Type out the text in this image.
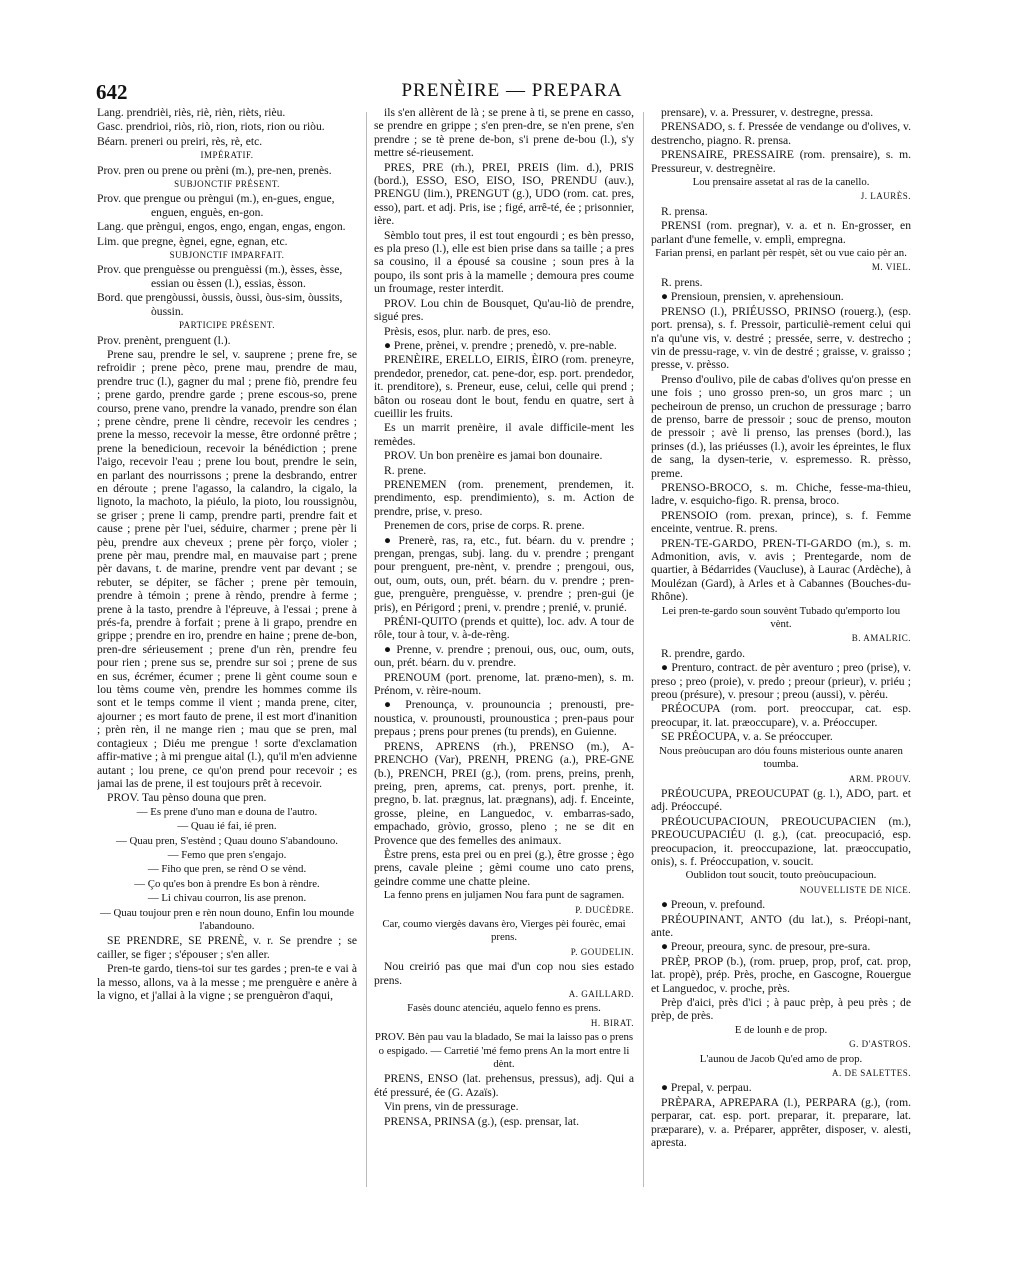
642	PRENÈIRE — PREPARA

Lang. prendrièi, riès, riè, rièn, rièts, rièu.

Gasc. prendrioi, riòs, riò, rion, riots, rion ou riòu.

Béarn. preneri ou preiri, rès, rè, etc.

IMPÉRATIF.

Prov. pren ou prene ou prèni (m.), pre-nen, prenès.

SUBJONCTIF PRÉSENT.

Prov. que prengue ou prèngui (m.), en-gues, engue, enguen, enguès, en-gon.

Lang. que prèngui, engos, engo, engan, engas, engon.

Lim. que pregne, ègnei, egne, egnan, etc.

SUBJONCTIF IMPARFAIT.

Prov. que prenguèsse ou prenguèssi (m.), èsses, èsse, essian ou èssen (l.), essias, èsson.

Bord. que prengòussi, òussis, òussi, òus-sim, òussits, òussin.

PARTICIPE PRÉSENT.

Prov. prenènt, prenguent (l.).

Prene sau, prendre le sel, v. sauprene ; prene fre, se refroidir ; prene pèco, prene mau, prendre de mau, prendre truc (l.), gagner du mal ; prene fiò, prendre feu ; prene gardo, prendre garde ; prene escous-so, prene courso, prene vano, prendre la vanado, prendre son élan ; prene cèndre, prene li cèndre, recevoir les cendres ; prene la messo, recevoir la messe, être ordonné prêtre ; prene la benedicioun, recevoir la bénédiction ; prene l'aigo, recevoir l'eau ; prene lou bout, prendre le sein, en parlant des nourrissons ; prene la desbrando, entrer en déroute ; prene l'agasso, la calandro, la cigalo, la lignoto, la machoto, la piéulo, la pioto, lou roussignòu, se griser ; prene li camp, prendre parti, prendre fait et cause ; prene pèr l'uei, séduire, charmer ; prene pèr li pèu, prendre aux cheveux ; prene pèr forço, violer ; prene pèr mau, prendre mal, en mauvaise part ; prene pèr davans, t. de marine, prendre vent par devant ; se rebuter, se dépiter, se fâcher ; prene pèr temouin, prendre à témoin ; prene à rèndo, prendre à ferme ; prene à la tasto, prendre à l'épreuve, à l'essai ; prene à prés-fa, prendre à forfait ; prene à li grapo, prendre en grippe ; prendre en iro, prendre en haine ; prene de-bon, pren-dre sérieusement ; prene d'un rèn, prendre feu pour rien ; prene sus se, prendre sur soi ; prene de sus en sus, écrémer, écumer ; prene li gènt coume soun e lou tèms coume vèn, prendre les hommes comme ils sont et le temps comme il vient ; manda prene, citer, ajourner ; es mort fauto de prene, il est mort d'inanition ; prèn rèn, il ne mange rien ; mau que se pren, mal contagieux ; Diéu me prengue ! sorte d'exclamation affir-mative ; à mi prengue aital (l.), qu'il m'en advienne autant ; lou prene, ce qu'on prend pour recevoir ; es jamai las de prene, il est toujours prêt à recevoir.

PROV. Tau pènso douna que pren.

— Es prene d'uno man e douna de l'autro.

— Quau ié fai, ié pren.

— Quau pren, S'estènd ; Quau douno S'abandouno.

— Femo que pren s'engajo.

— Fiho que pren, se rènd O se vènd.

— Ço qu'es bon à prendre Es bon à rèndre.

— Li chivau courron, lis ase prenon.

— Quau toujour pren e rèn noun douno, Enfin lou mounde l'abandouno.

SE PRENDRE, SE PRENÈ, v. r. Se prendre ; se cailler, se figer ; s'épouser ; s'en aller.

Pren-te gardo, tiens-toi sur tes gardes ; pren-te e vai à la messo, allons, va à la messe ; me prenguère e anère à la vigno, et j'allai à la vigne ; se prenguèron d'aqui,

ils s'en allèrent de là ; se prene à ti, se prene en casso, se prendre en grippe ; s'en pren-dre, se n'en prene, s'en prendre ; se tè prene de-bon, s'i prene de-bou (l.), s'y mettre sé-rieusement.

PRES, PRE (rh.), PREI, PREIS (lim. d.), PRIS (bord.), ESSO, ESO, EISO, ISO, PRENDU (auv.), PRENGU (lim.), PRENGUT (g.), UDO (rom. cat. pres, esso), part. et adj. Pris, ise ; figé, arrê-té, ée ; prisonnier, ière.

Sèmblo tout pres, il est tout engourdi ; es bèn presso, es pla preso (l.), elle est bien prise dans sa taille ; a pres sa cousino, il a épousé sa cousine ; soun pres à la poupo, ils sont pris à la mamelle ; demoura pres coume un froumage, rester interdit.

PROV. Lou chin de Bousquet, Qu'au-liò de prendre, sigué pres.

Prèsis, esos, plur. narb. de pres, eso.

● Prene, prènei, v. prendre ; prenedò, v. pre-nable.

PRENÈIRE, ERELLO, EIRIS, ÈIRO (rom. preneyre, prendedor, prenedor, cat. pene-dor, esp. port. prendedor, it. prenditore), s. Preneur, euse, celui, celle qui prend ; bâton ou roseau dont le bout, fendu en quatre, sert à cueillir les fruits.

Es un marrit prenèire, il avale difficile-ment les remèdes.

PROV. Un bon prenèire es jamai bon dounaire.

R. prene.

PRENEMEN (rom. prenement, prendemen, it. prendimento, esp. prendimiento), s. m. Action de prendre, prise, v. preso.

Prenemen de cors, prise de corps. R. prene.

● Prenerè, ras, ra, etc., fut. béarn. du v. prendre ; prengan, prengas, subj. lang. du v. prendre ; prengant pour prenguent, pre-nènt, v. prendre ; prengoui, ous, out, oum, outs, oun, prét. béarn. du v. prendre ; pren-gue, prenguère, prenguèsse, v. prendre ; pren-gui (je pris), en Périgord ; preni, v. prendre ; prenié, v. prunié.

PRÉNI-QUITO (prends et quitte), loc. adv. A tour de rôle, tour à tour, v. à-de-rèng.

● Prenne, v. prendre ; prenoui, ous, ouc, oum, outs, oun, prét. béarn. du v. prendre.

PRENOUM (port. prenome, lat. præno-men), s. m. Prénom, v. rèire-noum.

● Prenounça, v. prounouncia ; prenousti, pre-noustica, v. prounousti, prounoustica ; pren-paus pour prepaus ; prens pour prenes (tu prends), en Guienne.

PRENS, APRENS (rh.), PRENSO (m.), A-PRENCHO (Var), PRENH, PRENG (a.), PRE-GNE (b.), PRENCH, PREI (g.), (rom. prens, preins, prenh, preing, pren, aprems, cat. prenys, port. prenhe, it. pregno, b. lat. prægnus, lat. prægnans), adj. f. Enceinte, grosse, pleine, en Languedoc, v. embarras-sado, empachado, gròvio, grosso, pleno ; ne se dit en Provence que des femelles des animaux.

Èstre prens, esta prei ou en prei (g.), être grosse ; ègo prens, cavale pleine ; gèmi coume uno cato prens, geindre comme une chatte pleine.

La fenno prens en juljamen Nou fara punt de sagramen.

P. DUCÈDRE.

Car, coumo viergès davans èro, Vierges pèi fourèc, emai prens.

P. GOUDELIN.

Nou creirió pas que mai d'un cop nou sies estado prens.

A. GAILLARD.

Fasès dounc atenciéu, aquelo fenno es prens.

H. BIRAT.

PROV. Bèn pau vau la bladado, Se mai la laisso pas o prens o espigado. — Carretié 'mé femo prens An la mort entre li dènt.

PRENS, ENSO (lat. prehensus, pressus), adj. Qui a été pressuré, ée (G. Azaïs).

Vin prens, vin de pressurage.

PRENSA, PRINSA (g.), (esp. prensar, lat.

prensare), v. a. Pressurer, v. destregne, pressa.

PRENSADO, s. f. Pressée de vendange ou d'olives, v. destrencho, piagno. R. prensa.

PRENSAIRE, PRESSAIRE (rom. prensaire), s. m. Pressureur, v. destregnèire.

Lou prensaire assetat al ras de la canello.

J. LAURÈS.

R. prensa.

PRENSI (rom. pregnar), v. a. et n. En-grosser, en parlant d'une femelle, v. emplì, empregna.

Farian prensi, en parlant pèr respèt, sèt ou vue caio pèr an.

M. VIEL.

R. prens.

● Prensioun, prensien, v. aprehensioun.

PRENSO (l.), PRIÉUSSO, PRINSO (rouerg.), (esp. port. prensa), s. f. Pressoir, particuliè-rement celui qui n'a qu'une vis, v. destré ; pressée, serre, v. destrecho ; vin de pressu-rage, v. vin de destré ; graisse, v. graisso ; presse, v. prèsso.

Prenso d'oulivo, pile de cabas d'olives qu'on presse en une fois ; uno grosso pren-so, un gros marc ; un pecheiroun de prenso, un cruchon de pressurage ; barro de prenso, barre de pressoir ; souc de prenso, mouton de pressoir ; avè li prenso, las prenses (bord.), las prinses (d.), las priéusses (l.), avoir les épreintes, le flux de sang, la dysen-terie, v. espremesso. R. prèsso, preme.

PRENSO-BROCO, s. m. Chiche, fesse-ma-thieu, ladre, v. esquicho-figo. R. prensa, broco.

PRENSOIO (rom. prexan, prince), s. f. Femme enceinte, ventrue. R. prens.

PREN-TE-GARDO, PREN-TI-GARDO (m.), s. m. Admonition, avis, v. avis ; Prentegarde, nom de quartier, à Bédarrides (Vaucluse), à Laurac (Ardèche), à Moulézan (Gard), à Arles et à Cabannes (Bouches-du-Rhône).

Lei pren-te-gardo soun souvènt Tubado qu'emporto lou vènt.

B. AMALRIC.

R. prendre, gardo.

● Prenturo, contract. de pèr aventuro ; preo (prise), v. preso ; preo (proie), v. predo ; preour (prieur), v. priéu ; preou (présure), v. presour ; preou (aussi), v. pèréu.

PRÉOCUPA (rom. port. preoccupar, cat. esp. preocupar, it. lat. præoccupare), v. a. Préoccuper.

SE PRÉOCUPA, v. a. Se préoccuper.

Nous preòucupan aro dóu founs misterious ounte anaren toumba.

ARM. PROUV.

PRÉOUCUPA, PREOUCUPAT (g. l.), ADO, part. et adj. Préoccupé.

PRÉOUCUPACIOUN, PREOUCUPACIEN (m.), PREOUCUPACIÉU (l. g.), (cat. preocupació, esp. preocupacion, it. preoccupazione, lat. præoccupatio, onis), s. f. Préoccupation, v. soucit.

Oublidon tout soucit, touto preòucupacioun.

NOUVELLISTE DE NICE.

● Preoun, v. prefound.

PRÉOUPINANT, ANTO (du lat.), s. Préopi-nant, ante.

● Preour, preoura, sync. de presour, pre-sura.

PRÈP, PROP (b.), (rom. pruep, prop, prof, cat. prop, lat. propè), prép. Près, proche, en Gascogne, Rouergue et Languedoc, v. proche, près.

Prèp d'aici, près d'ici ; à pauc prèp, à peu près ; de prèp, de près.

E de lounh e de prop.

G. D'ASTROS.

L'aunou de Jacob Qu'ed amo de prop.

A. DE SALETTES.

● Prepal, v. perpau.

PRÈPARA, APREPARA (l.), PERPARA (g.), (rom. perparar, cat. esp. port. preparar, it. preparare, lat. præparare), v. a. Préparer, apprêter, disposer, v. alesti, apresta.
